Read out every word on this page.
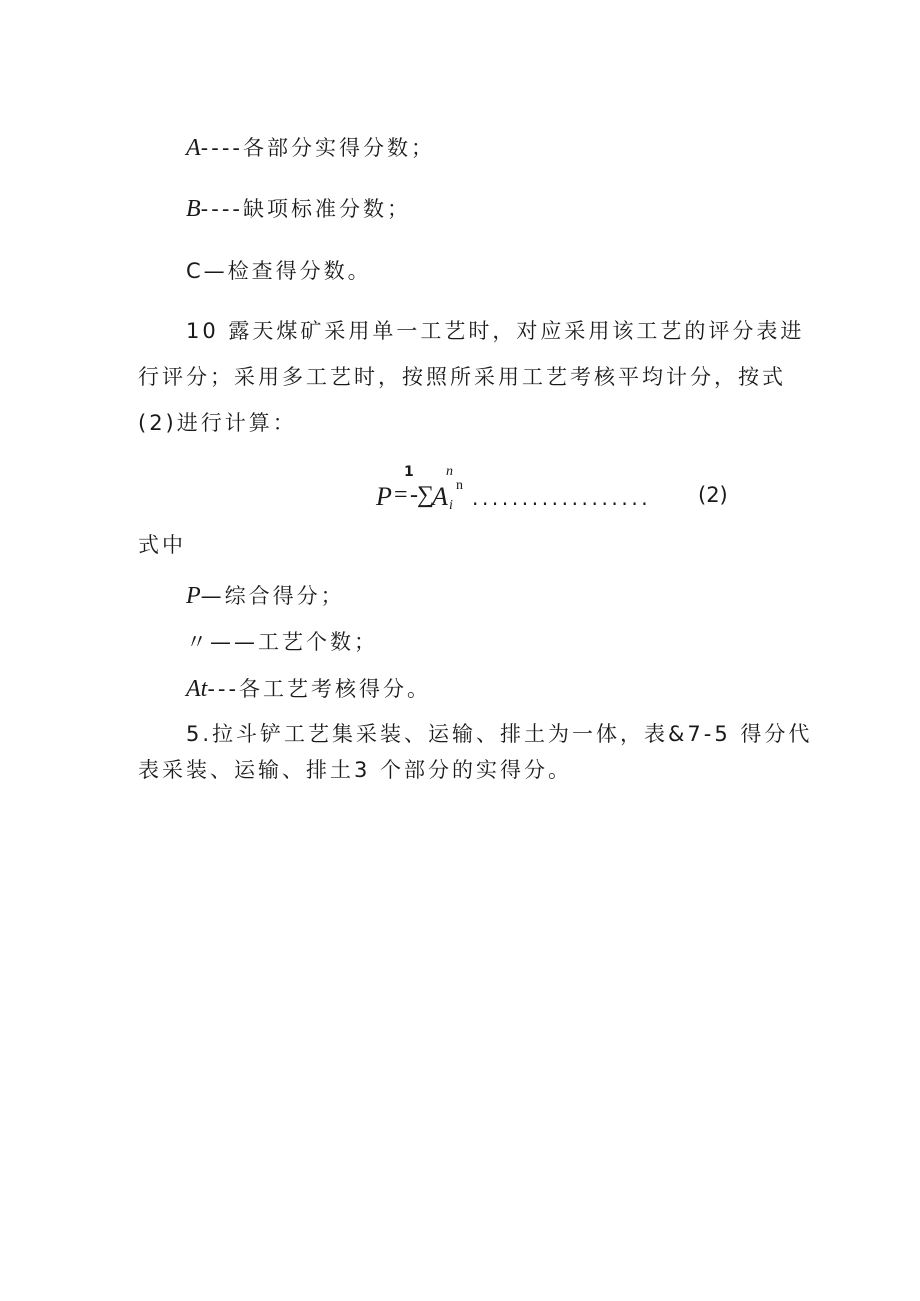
A----各部分实得分数；
B----缺项标准分数；
C—检查得分数。
10 露天煤矿采用单一工艺时，对应采用该工艺的评分表进
行评分；采用多工艺时，按照所采用工艺考核平均计分，按式
(2)进行计算：
P = -
1
∑
n
A i
n
.................. (2)
式中
P—综合得分；
〃——工艺个数；
At---各工艺考核得分。
5.拉斗铲工艺集采装、运输、排土为一体，表&7-5 得分代
表采装、运输、排土3 个部分的实得分。
